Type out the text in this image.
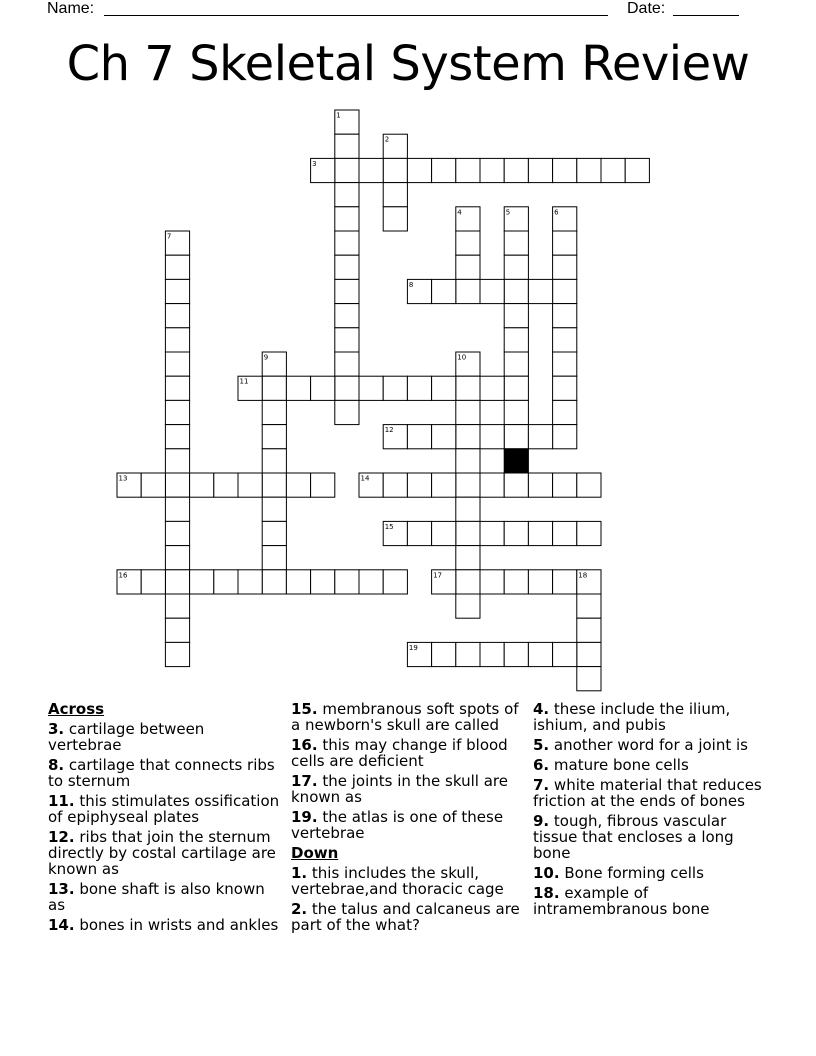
Name:	Date:
Ch 7 Skeletal System Review
1
2
3
4	5	6
7
8
9	10
11
12
13	14
15
16	17	18
19
Across
3. cartilage between vertebrae
8. cartilage that connects ribs to sternum
11. this stimulates ossification of epiphyseal plates
12. ribs that join the sternum directly by costal cartilage are known as
13. bone shaft is also known as
14. bones in wrists and ankles
15. membranous soft spots of a newborn's skull are called
16. this may change if blood cells are deficient
17. the joints in the skull are known as
19. the atlas is one of these vertebrae
Down
1. this includes the skull, vertebrae,and thoracic cage
2. the talus and calcaneus are part of the what?
4. these include the ilium, ishium, and pubis
5. another word for a joint is
6. mature bone cells
7. white material that reduces friction at the ends of bones
9. tough, fibrous vascular tissue that encloses a long bone
10. Bone forming cells
18. example of intramembranous bone
